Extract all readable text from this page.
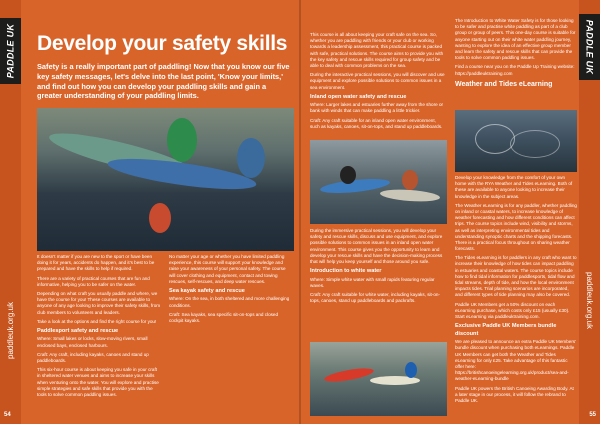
PADDLE UK
paddleuk.org.uk
54
PADDLE UK
paddleuk.org.uk
55
Develop your safety skills

Safety is a really important part of paddling! Now that you know our five key safety messages, let's delve into the last point, 'Know your limits,' and find out how you can develop your paddling skills and gain a greater understanding of your paddling limits.

It doesn't matter if you are new to the sport or have been doing it for years, accidents do happen, and it's best to be prepared and have the skills to help if required.

There are a variety of practical courses that are fun and informative, helping you to be safer on the water.

Depending on what craft you usually paddle and where, we have the course for you! These courses are available to anyone of any age looking to improve their safety skills, from club members to volunteers and leaders.

Take a look at the options and find the right course for you!

Paddlesport safety and rescue

Where: Small lakes or locks, slow-moving rivers, small enclosed bays, enclosed harbours.

Craft: Any craft, including kayaks, canoes and stand up paddleboards.

This six-hour course is about keeping you safe in your craft in sheltered water venues and aims to increase your skills when venturing onto the water. You will explore and practise simple strategies and safe skills that provide you with the tools to solve common paddling issues.

No matter your age or whether you have limited paddling experience, this course will support your knowledge and raise your awareness of your personal safety. The course will cover clothing and equipment, contact and towing rescues, self-rescues, and deep water rescues.

Sea kayak safety and rescue

Where: On the sea, in both sheltered and more challenging conditions.

Craft: Sea kayaks, sea specific sit-on-tops and closed cockpit kayaks.

This course is all about keeping your craft safe on the sea. So, whether you are paddling with friends or your club or working towards a leadership assessment, this practical course is packed with safe, practical solutions. The course aims to provide you with the key safety and rescue skills required for group safety and be able to deal with common problems on the sea.

During the interactive practical sessions, you will discover and use equipment and explore possible solutions to common issues in a sea environment.

Inland open water safety and rescue

Where: Larger lakes and estuaries further away from the shore or bank with winds that can make paddling a little trickier.

Craft: Any craft suitable for an inland open water environment, such as kayaks, canoes, sit-on-tops, and stand up paddleboards.

During the immersive practical sessions, you will develop your safety and rescue skills, discuss and use equipment, and explore possible solutions to common issues in an inland open water environment. This course gives you the opportunity to learn and develop your rescue skills and have the decision-making process that will help you keep yourself and those around you safe.

Introduction to white water

Where: Simple white water with small rapids featuring regular waves.

Craft: Any craft suitable for white water, including kayaks, sit-on-tops, canoes, stand up paddleboards and packrafts.

The Introduction to White Water Safety is for those looking to be safer and practise white paddling as part of a club group or group of peers. This one-day course is suitable for anyone starting out on their white water paddling journey, wanting to explore the idea of an effective group member and learn the safety and rescue skills that can provide the tools to solve common paddling issues.

Find a course near you on the Paddle Up Training website: https://paddleuktraining.com

Weather and Tides eLearning

Develop your knowledge from the comfort of your own home with the RYA Weather and Tides eLearning. Both of these are available to anyone looking to increase their knowledge in the subject areas.

The Weather eLearning is for any paddler, whether paddling on inland or coastal waters, to increase knowledge of weather forecasting and how different conditions can affect trips. The course topics include wind, visibility and storms, as well as interpreting environmental tides and understanding synoptic charts and the shipping forecasts. There is a practical focus throughout on sharing weather forecasts.

The Tides eLearning is for paddlers in any craft who want to increase their knowledge of how tides can impact paddling in estuaries and coastal waters. The course topics include how to find tidal information for paddlesports, tidal flow and tidal streams, depth of tide, and how the local environment impacts tides. Trial planning scenarios are incorporated, and different types of tide planning may also be covered.

Paddle UK Members get a 50% discount on each eLearning purchase, which costs only £15 (usually £30). Start eLearning via paddleuktraining.com.

Exclusive Paddle UK Members bundle discount

We are pleased to announce an extra Paddle UK Members' bundle discount when purchasing both eLearnings. Paddle UK Members can get both the Weather and Tides eLearning for only £25. Take advantage of this fantastic offer here: https://britishcanoeingelearning.org.uk/product/sea-and-weather-eLearning-bundle

Paddle UK powers the British Canoeing Awarding Body. At a later stage in our process, it will follow the rebrand to Paddle UK.
